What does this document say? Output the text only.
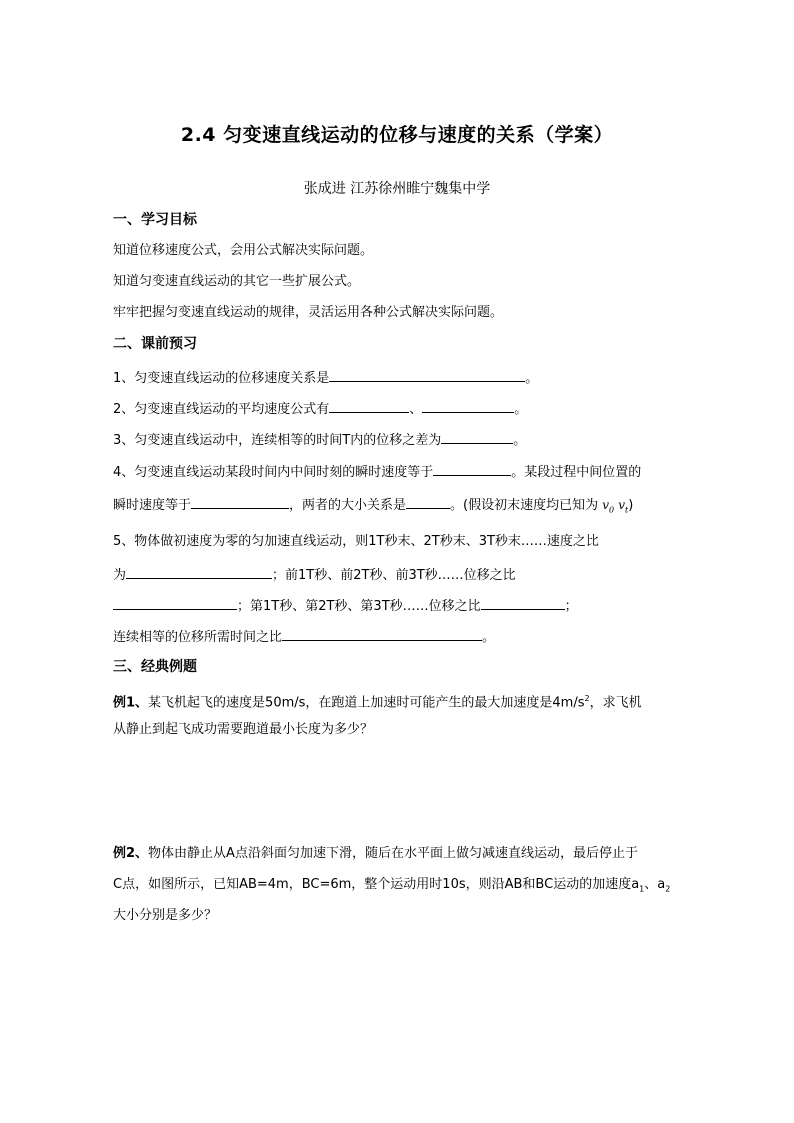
2.4 匀变速直线运动的位移与速度的关系（学案）
张成进 江苏徐州睢宁魏集中学
一、学习目标
知道位移速度公式，会用公式解决实际问题。
知道匀变速直线运动的其它一些扩展公式。
牢牢把握匀变速直线运动的规律，灵活运用各种公式解决实际问题。
二、课前预习
1、匀变速直线运动的位移速度关系是	。
2、匀变速直线运动的平均速度公式有	、	。
3、匀变速直线运动中，连续相等的时间T内的位移之差为	。
4、匀变速直线运动某段时间内中间时刻的瞬时速度等于	。某段过程中间位置的
瞬时速度等于	，两者的大小关系是	。(假设初末速度均已知为 $v_0$ $v_t$)
5、物体做初速度为零的匀加速直线运动，则1T秒末、2T秒末、3T秒末……速度之比
为	；前1T秒、前2T秒、前3T秒……位移之比
；第1T秒、第2T秒、第3T秒……位移之比	；
连续相等的位移所需时间之比	。
三、经典例题
例1、某飞机起飞的速度是50m/s，在跑道上加速时可能产生的最大加速度是$4m/s^2$，求飞机
从静止到起飞成功需要跑道最小长度为多少？
例2、物体由静止从A点沿斜面匀加速下滑，随后在水平面上做匀减速直线运动，最后停止于
C点，如图所示，已知AB=4m，BC=6m，整个运动用时10s，则沿AB和BC运动的加速度$a_1$、$a_2$
大小分别是多少？
